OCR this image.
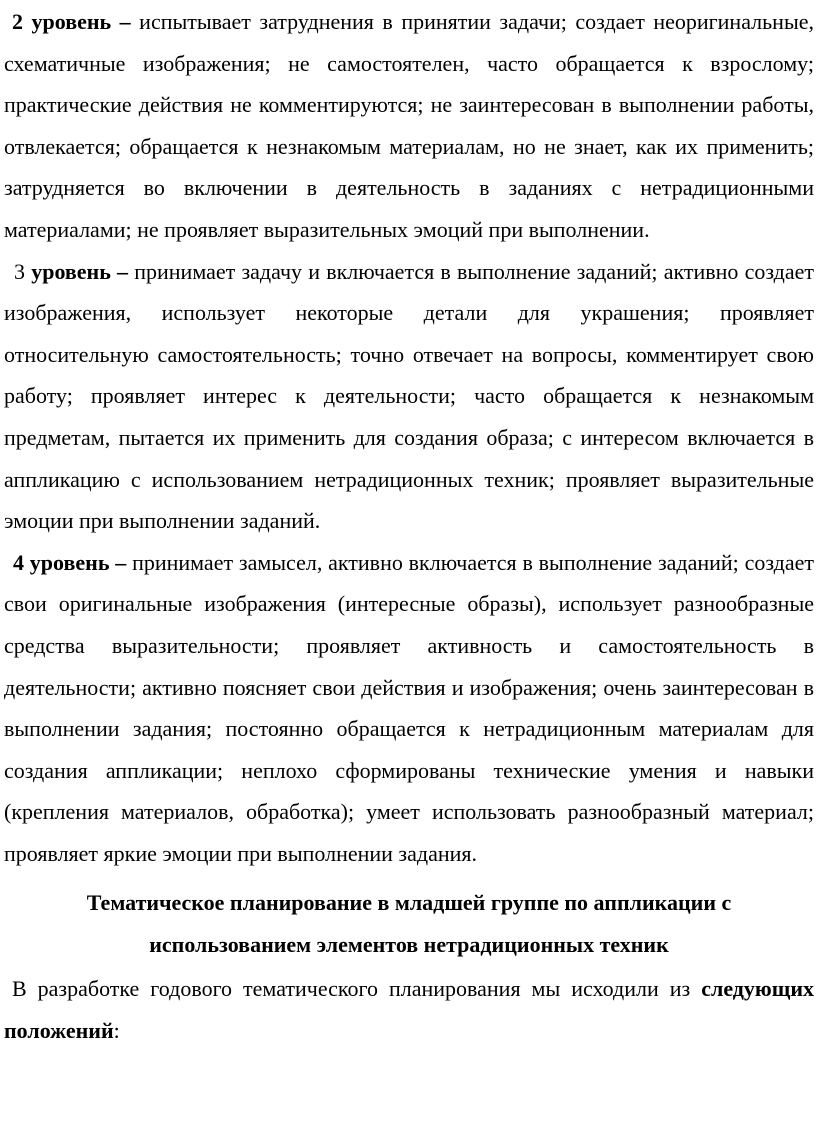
2 уровень – испытывает затруднения в принятии задачи; создает неоригинальные, схематичные изображения; не самостоятелен, часто обращается к взрослому; практические действия не комментируются; не заинтересован в выполнении работы, отвлекается; обращается к незнакомым материалам, но не знает, как их применить; затрудняется во включении в деятельность в заданиях с нетрадиционными материалами; не проявляет выразительных эмоций при выполнении.

3 уровень – принимает задачу и включается в выполнение заданий; активно создает изображения, использует некоторые детали для украшения; проявляет относительную самостоятельность; точно отвечает на вопросы, комментирует свою работу; проявляет интерес к деятельности; часто обращается к незнакомым предметам, пытается их применить для создания образа; с интересом включается в аппликацию с использованием нетрадиционных техник; проявляет выразительные эмоции при выполнении заданий.

4 уровень – принимает замысел, активно включается в выполнение заданий; создает свои оригинальные изображения (интересные образы), использует разнообразные средства выразительности; проявляет активность и самостоятельность в деятельности; активно поясняет свои действия и изображения; очень заинтересован в выполнении задания; постоянно обращается к нетрадиционным материалам для создания аппликации; неплохо сформированы технические умения и навыки (крепления материалов, обработка); умеет использовать разнообразный материал; проявляет яркие эмоции при выполнении задания.

Тематическое планирование в младшей группе по аппликации с
использованием элементов нетрадиционных техник

В разработке годового тематического планирования мы исходили из следующих положений:
